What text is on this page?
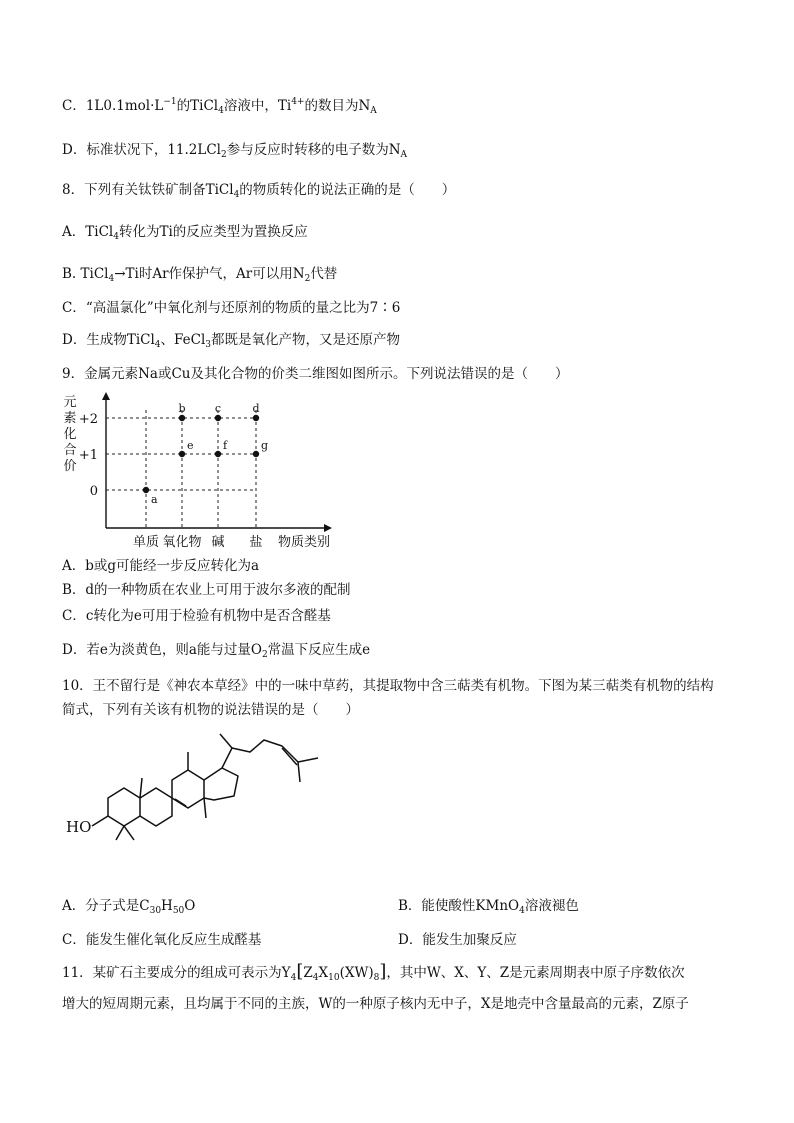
C．$1L0.1mol\cdot L^{-1}$的TiCl$_4$溶液中，$Ti^{4+}$的数目为$N_A$
D．标准状况下，11.2LCl$_2$参与反应时转移的电子数为$N_A$
8．下列有关钛铁矿制备TiCl$_4$的物质转化的说法正确的是（　　）
A．TiCl$_4$转化为Ti的反应类型为置换反应
B. TiCl$_4$→Ti时Ar作保护气，Ar可以用$N_2$代替
C．“高温氯化”中氧化剂与还原剂的物质的量之比为7∶6
D．生成物TiCl$_4$、FeCl$_3$都既是氧化产物，又是还原产物
9．金属元素Na或Cu及其化合物的价类二维图如图所示。下列说法错误的是（　　）
元
素
化
合
价
0
+1
+2
单质 氧化物 碱 盐 物质类别
a
b	c	d
e	f	g
A．b或g可能经一步反应转化为a
B．d的一种物质在农业上可用于波尔多液的配制
C．c转化为e可用于检验有机物中是否含醛基
D．若e为淡黄色，则a能与过量$O_2$常温下反应生成e
10．王不留行是《神农本草经》中的一味中草药，其提取物中含三萜类有机物。下图为某三萜类有机物的结构
简式，下列有关该有机物的说法错误的是（　　）
HO
A．分子式是$C_{30}H_{50}O$	B．能使酸性KMnO$_4$溶液褪色
C．能发生催化氧化反应生成醛基	D．能发生加聚反应
11．某矿石主要成分的组成可表示为$Y_4[Z_4X_{10}(XW)_8]$，其中W、X、Y、Z是元素周期表中原子序数依次
增大的短周期元素，且均属于不同的主族，W的一种原子核内无中子，X是地壳中含量最高的元素，Z原子
